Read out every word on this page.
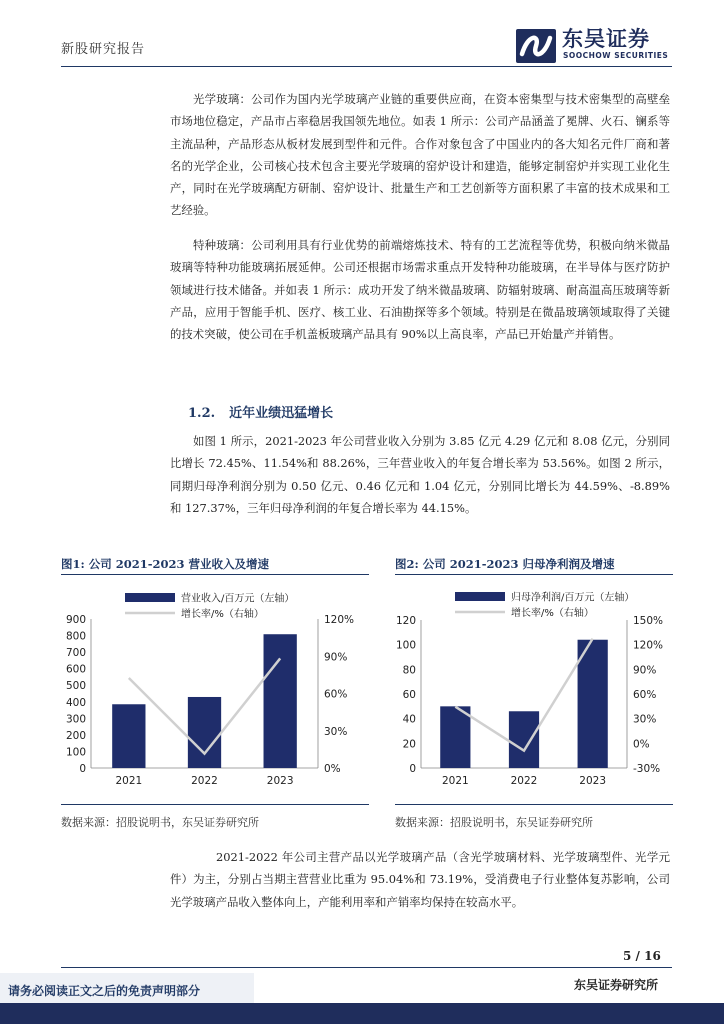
新股研究报告	东吴证券
SOOCHOW SECURITIES
光学玻璃：公司作为国内光学玻璃产业链的重要供应商，在资本密集型与技术密集型的高壁垒市场地位稳定，产品市占率稳居我国领先地位。如表 1 所示：公司产品涵盖了冕牌、火石、镧系等主流品种，产品形态从板材发展到型件和元件。合作对象包含了中国业内的各大知名元件厂商和著名的光学企业，公司核心技术包含主要光学玻璃的窑炉设计和建造，能够定制窑炉并实现工业化生产，同时在光学玻璃配方研制、窑炉设计、批量生产和工艺创新等方面积累了丰富的技术成果和工艺经验。
特种玻璃：公司利用具有行业优势的前端熔炼技术、特有的工艺流程等优势，积极向纳米微晶玻璃等特种功能玻璃拓展延伸。公司还根据市场需求重点开发特种功能玻璃，在半导体与医疗防护领域进行技术储备。并如表 1 所示：成功开发了纳米微晶玻璃、防辐射玻璃、耐高温高压玻璃等新产品，应用于智能手机、医疗、核工业、石油勘探等多个领域。特别是在微晶玻璃领域取得了关键的技术突破，使公司在手机盖板玻璃产品具有 90%以上高良率，产品已开始量产并销售。
1.2. 近年业绩迅猛增长
如图 1 所示，2021-2023 年公司营业收入分别为 3.85 亿元 4.29 亿元和 8.08 亿元，分别同比增长 72.45%、11.54%和 88.26%，三年营业收入的年复合增长率为 53.56%。如图 2 所示，同期归母净利润分别为 0.50 亿元、0.46 亿元和 1.04 亿元，分别同比增长为 44.59%、-8.89%和 127.37%，三年归母净利润的年复合增长率为 44.15%。
图1: 公司 2021-2023 营业收入及增速
营业收入/百万元（左轴）
增长率/%（右轴）
0
100
200
300
400
500
600
700
800
900
0%
30%
60%
90%
120%
2021	2022	2023
数据来源：招股说明书，东吴证券研究所
图2: 公司 2021-2023 归母净利润及增速
归母净利润/百万元（左轴）
增长率/%（右轴）
0
20
40
60
80
100
120
-30%
0%
30%
60%
90%
120%
150%
2021	2022	2023
数据来源：招股说明书，东吴证券研究所
2021-2022 年公司主营产品以光学玻璃产品（含光学玻璃材料、光学玻璃型件、光学元件）为主，分别占当期主营营业比重为 95.04%和 73.19%，受消费电子行业整体复苏影响，公司光学玻璃产品收入整体向上，产能利用率和产销率均保持在较高水平。
5 / 16
请务必阅读正文之后的免责声明部分	东吴证券研究所
